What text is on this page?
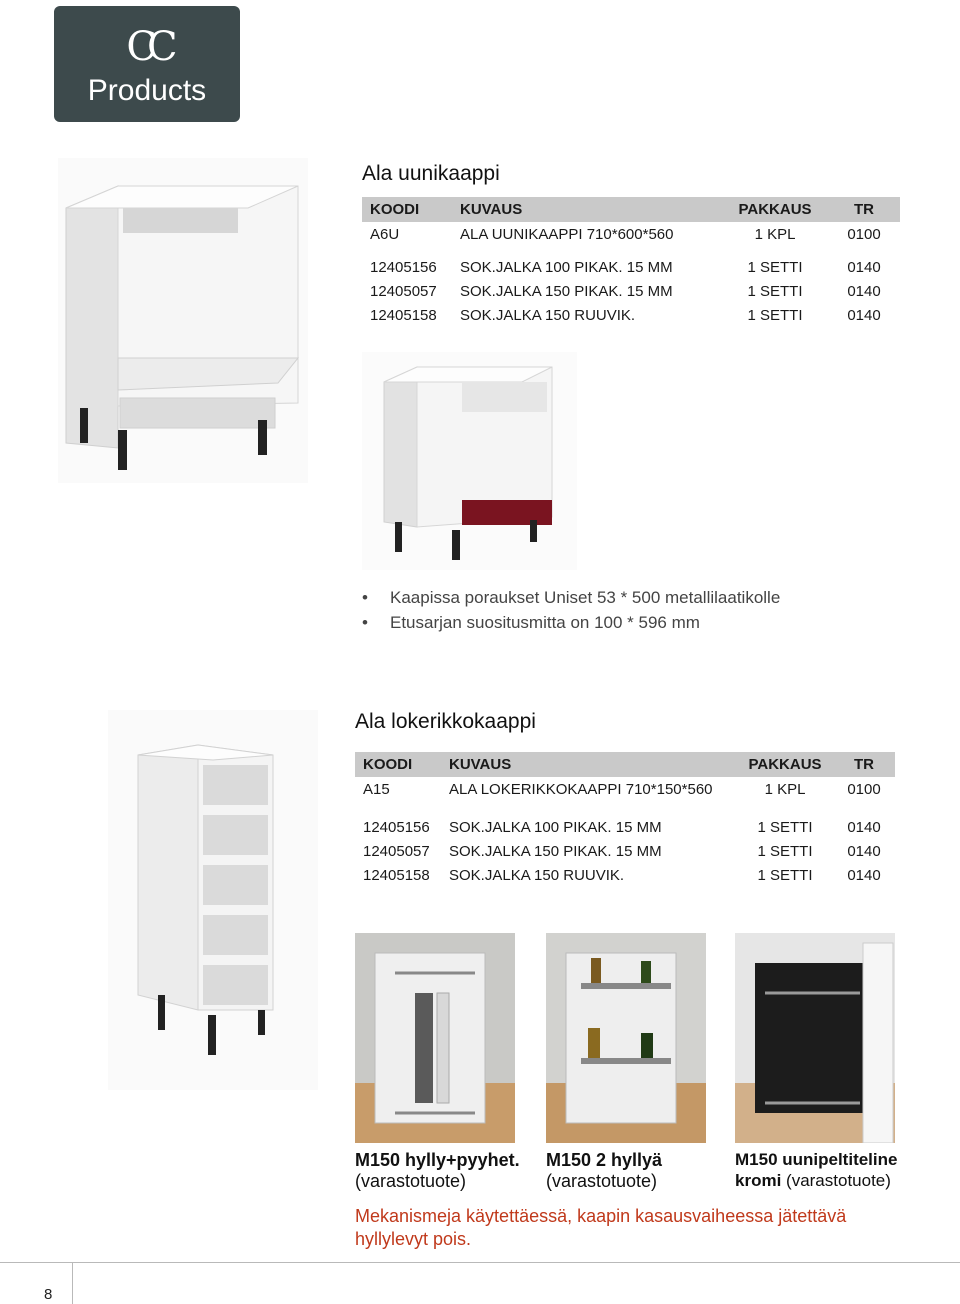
CC
Products
Ala uunikaappi
KOODI	KUVAUS	PAKKAUS	TR
A6U	ALA UUNIKAAPPI 710*600*560	1 KPL	0100

12405156	SOK.JALKA 100 PIKAK. 15 MM	1 SETTI	0140
12405057	SOK.JALKA 150 PIKAK. 15 MM	1 SETTI	0140
12405158	SOK.JALKA 150 RUUVIK.	1 SETTI	0140
• Kaapissa poraukset Uniset 53 * 500 metallilaatikolle
• Etusarjan suositusmitta on 100 * 596 mm
Ala lokerikkokaappi
KOODI	KUVAUS	PAKKAUS	TR
A15	ALA LOKERIKKOKAAPPI 710*150*560	1 KPL	0100

12405156	SOK.JALKA 100 PIKAK. 15 MM	1 SETTI	0140
12405057	SOK.JALKA 150 PIKAK. 15 MM	1 SETTI	0140
12405158	SOK.JALKA 150 RUUVIK.	1 SETTI	0140
M150 hylly+pyyhet.
(varastotuote)
M150 2 hyllyä
(varastotuote)
M150 uunipeltiteline
kromi (varastotuote)
Mekanismeja käytettäessä, kaapin kasausvaiheessa jätettävä hyllylevyt pois.
8
